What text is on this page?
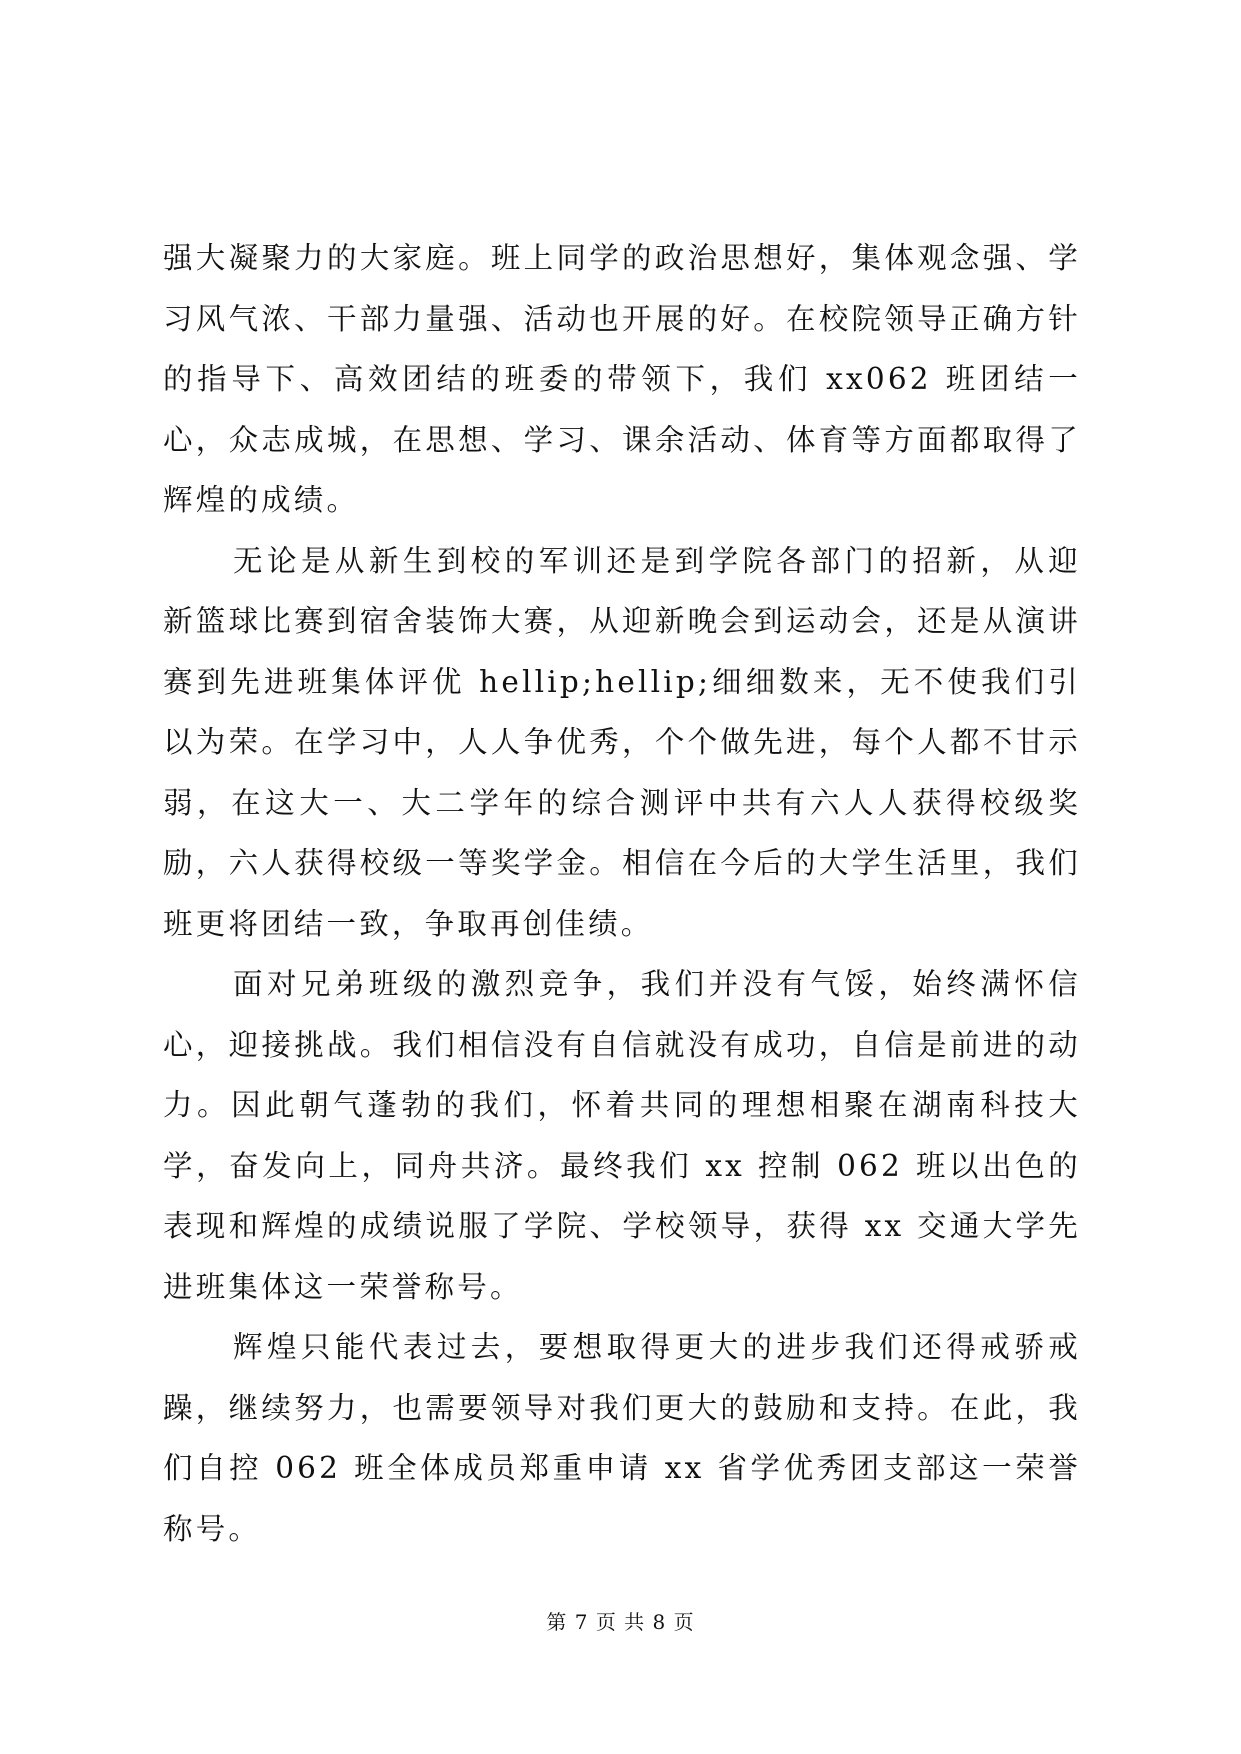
强大凝聚力的大家庭。班上同学的政治思想好，集体观念强、学习风气浓、干部力量强、活动也开展的好。在校院领导正确方针的指导下、高效团结的班委的带领下，我们 xx062 班团结一心，众志成城，在思想、学习、课余活动、体育等方面都取得了辉煌的成绩。

无论是从新生到校的军训还是到学院各部门的招新，从迎新篮球比赛到宿舍装饰大赛，从迎新晚会到运动会，还是从演讲赛到先进班集体评优 hellip;hellip;细细数来，无不使我们引以为荣。在学习中，人人争优秀，个个做先进，每个人都不甘示弱，在这大一、大二学年的综合测评中共有六人人获得校级奖励，六人获得校级一等奖学金。相信在今后的大学生活里，我们班更将团结一致，争取再创佳绩。

面对兄弟班级的激烈竞争，我们并没有气馁，始终满怀信心，迎接挑战。我们相信没有自信就没有成功，自信是前进的动力。因此朝气蓬勃的我们，怀着共同的理想相聚在湖南科技大学，奋发向上，同舟共济。最终我们 xx 控制 062 班以出色的表现和辉煌的成绩说服了学院、学校领导，获得 xx 交通大学先进班集体这一荣誉称号。

辉煌只能代表过去，要想取得更大的进步我们还得戒骄戒躁，继续努力，也需要领导对我们更大的鼓励和支持。在此，我们自控 062 班全体成员郑重申请 xx 省学优秀团支部这一荣誉称号。

第 7 页 共 8 页
